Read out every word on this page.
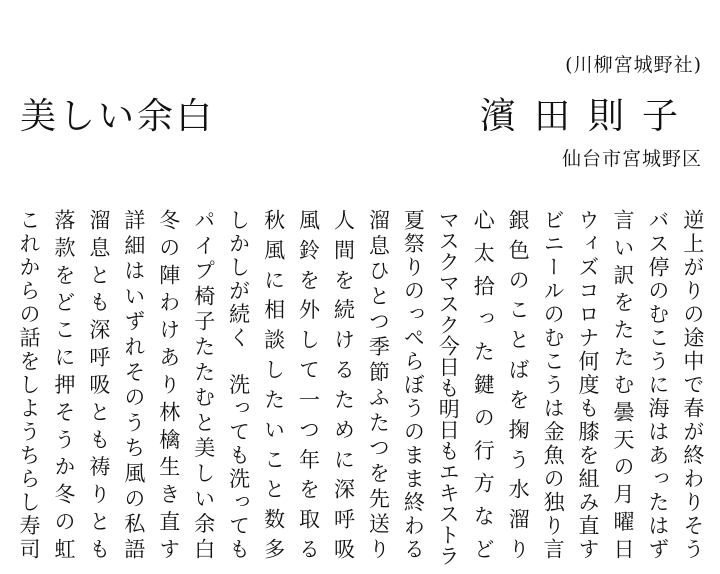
(川柳宮城野社)
美しい余白	濱田則子
仙台市宮城野区
逆上がりの途中で春が終わりそう
バス停のむこうに海はあったはず
言い訳をたたむ曇天の月曜日
ウィズコロナ何度も膝を組み直す
ビニールのむこうは金魚の独り言
銀色のことばを掬う水溜り
心太拾った鍵の行方など
マスクマスク今日も明日もエキストラ
夏祭りのっぺらぼうのまま終わる
溜息ひとつ季節ふたつを先送り
人間を続けるために深呼吸
風鈴を外して一つ年を取る
秋風に相談したいこと数多
しかしが続く　洗っても洗っても
パイプ椅子たたむと美しい余白
冬の陣わけあり林檎生き直す
詳細はいずれそのうち風の私語
溜息とも深呼吸とも祷りとも
落款をどこに押そうか冬の虹
これからの話をしようちらし寿司
